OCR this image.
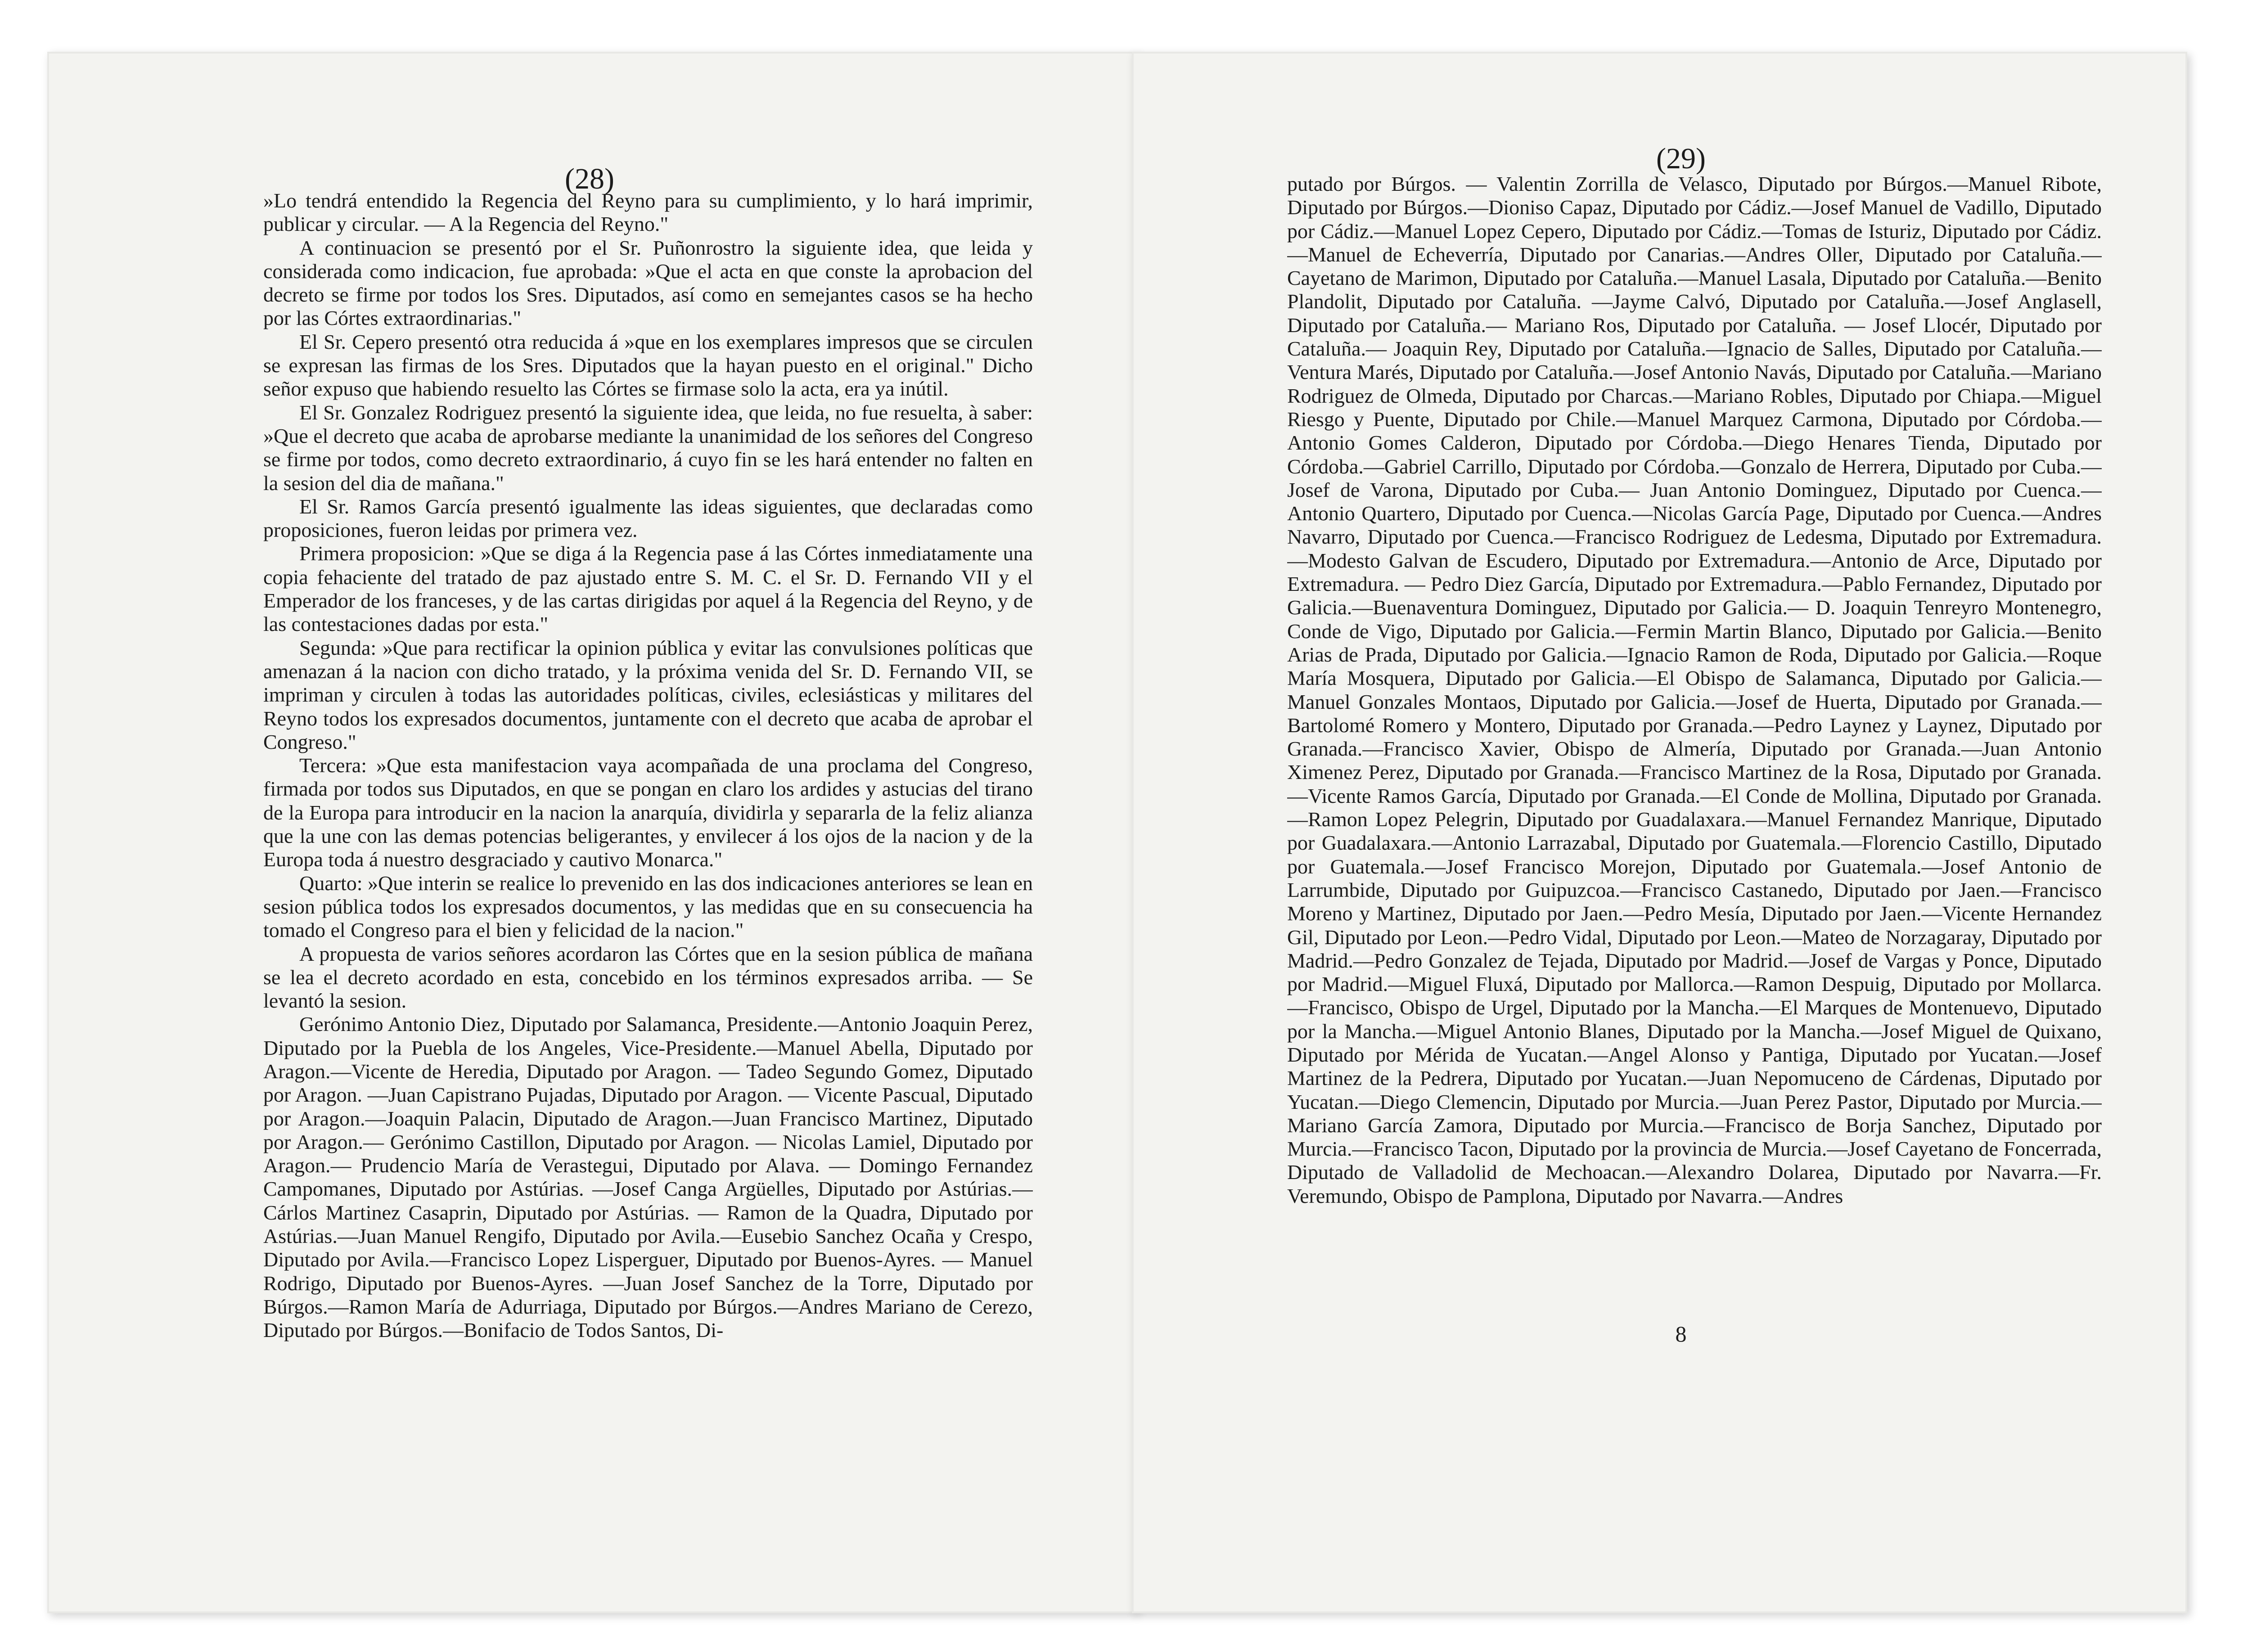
(28)

»Lo tendrá entendido la Regencia del Reyno para su cumplimiento, y lo hará imprimir, publicar y circular. — A la Regencia del Reyno."

A continuacion se presentó por el Sr. Puñonrostro la siguiente idea, que leida y considerada como indicacion, fue aprobada: »Que el acta en que conste la aprobacion del decreto se firme por todos los Sres. Diputados, así como en semejantes casos se ha hecho por las Córtes extraordinarias."

El Sr. Cepero presentó otra reducida á »que en los exemplares impresos que se circulen se expresan las firmas de los Sres. Diputados que la hayan puesto en el original." Dicho señor expuso que habiendo resuelto las Córtes se firmase solo la acta, era ya inútil.

El Sr. Gonzalez Rodriguez presentó la siguiente idea, que leida, no fue resuelta, à saber: »Que el decreto que acaba de aprobarse mediante la unanimidad de los señores del Congreso se firme por todos, como decreto extraordinario, á cuyo fin se les hará entender no falten en la sesion del dia de mañana."

El Sr. Ramos García presentó igualmente las ideas siguientes, que declaradas como proposiciones, fueron leidas por primera vez.

Primera proposicion: »Que se diga á la Regencia pase á las Córtes inmediatamente una copia fehaciente del tratado de paz ajustado entre S. M. C. el Sr. D. Fernando VII y el Emperador de los franceses, y de las cartas dirigidas por aquel á la Regencia del Reyno, y de las contestaciones dadas por esta."

Segunda: »Que para rectificar la opinion pública y evitar las convulsiones políticas que amenazan á la nacion con dicho tratado, y la próxima venida del Sr. D. Fernando VII, se impriman y circulen à todas las autoridades políticas, civiles, eclesiásticas y militares del Reyno todos los expresados documentos, juntamente con el decreto que acaba de aprobar el Congreso."

Tercera: »Que esta manifestacion vaya acompañada de una proclama del Congreso, firmada por todos sus Diputados, en que se pongan en claro los ardides y astucias del tirano de la Europa para introducir en la nacion la anarquía, dividirla y separarla de la feliz alianza que la une con las demas potencias beligerantes, y envilecer á los ojos de la nacion y de la Europa toda á nuestro desgraciado y cautivo Monarca."

Quarto: »Que interin se realice lo prevenido en las dos indicaciones anteriores se lean en sesion pública todos los expresados documentos, y las medidas que en su consecuencia ha tomado el Congreso para el bien y felicidad de la nacion."

A propuesta de varios señores acordaron las Córtes que en la sesion pública de mañana se lea el decreto acordado en esta, concebido en los términos expresados arriba. — Se levantó la sesion.

Gerónimo Antonio Diez, Diputado por Salamanca, Presidente.—Antonio Joaquin Perez, Diputado por la Puebla de los Angeles, Vice-Presidente.—Manuel Abella, Diputado por Aragon.—Vicente de Heredia, Diputado por Aragon. — Tadeo Segundo Gomez, Diputado por Aragon. —Juan Capistrano Pujadas, Diputado por Aragon. — Vicente Pascual, Diputado por Aragon.—Joaquin Palacin, Diputado de Aragon.—Juan Francisco Martinez, Diputado por Aragon.— Gerónimo Castillon, Diputado por Aragon. — Nicolas Lamiel, Diputado por Aragon.— Prudencio María de Verastegui, Diputado por Alava. — Domingo Fernandez Campomanes, Diputado por Astúrias. —Josef Canga Argüelles, Diputado por Astúrias.—Cárlos Martinez Casaprin, Diputado por Astúrias. — Ramon de la Quadra, Diputado por Astúrias.—Juan Manuel Rengifo, Diputado por Avila.—Eusebio Sanchez Ocaña y Crespo, Diputado por Avila.—Francisco Lopez Lisperguer, Diputado por Buenos-Ayres. — Manuel Rodrigo, Diputado por Buenos-Ayres. —Juan Josef Sanchez de la Torre, Diputado por Búrgos.—Ramon María de Adurriaga, Diputado por Búrgos.—Andres Mariano de Cerezo, Diputado por Búrgos.—Bonifacio de Todos Santos, Di-

(29)

putado por Búrgos. — Valentin Zorrilla de Velasco, Diputado por Búrgos.—Manuel Ribote, Diputado por Búrgos.—Dioniso Capaz, Diputado por Cádiz.—Josef Manuel de Vadillo, Diputado por Cádiz.—Manuel Lopez Cepero, Diputado por Cádiz.—Tomas de Isturiz, Diputado por Cádiz.—Manuel de Echeverría, Diputado por Canarias.—Andres Oller, Diputado por Cataluña.—Cayetano de Marimon, Diputado por Cataluña.—Manuel Lasala, Diputado por Cataluña.—Benito Plandolit, Diputado por Cataluña. —Jayme Calvó, Diputado por Cataluña.—Josef Anglasell, Diputado por Cataluña.— Mariano Ros, Diputado por Cataluña. — Josef Llocér, Diputado por Cataluña.— Joaquin Rey, Diputado por Cataluña.—Ignacio de Salles, Diputado por Cataluña.—Ventura Marés, Diputado por Cataluña.—Josef Antonio Navás, Diputado por Cataluña.—Mariano Rodriguez de Olmeda, Diputado por Charcas.—Mariano Robles, Diputado por Chiapa.—Miguel Riesgo y Puente, Diputado por Chile.—Manuel Marquez Carmona, Diputado por Córdoba.—Antonio Gomes Calderon, Diputado por Córdoba.—Diego Henares Tienda, Diputado por Córdoba.—Gabriel Carrillo, Diputado por Córdoba.—Gonzalo de Herrera, Diputado por Cuba.— Josef de Varona, Diputado por Cuba.— Juan Antonio Dominguez, Diputado por Cuenca.—Antonio Quartero, Diputado por Cuenca.—Nicolas García Page, Diputado por Cuenca.—Andres Navarro, Diputado por Cuenca.—Francisco Rodriguez de Ledesma, Diputado por Extremadura.—Modesto Galvan de Escudero, Diputado por Extremadura.—Antonio de Arce, Diputado por Extremadura. — Pedro Diez García, Diputado por Extremadura.—Pablo Fernandez, Diputado por Galicia.—Buenaventura Dominguez, Diputado por Galicia.— D. Joaquin Tenreyro Montenegro, Conde de Vigo, Diputado por Galicia.—Fermin Martin Blanco, Diputado por Galicia.—Benito Arias de Prada, Diputado por Galicia.—Ignacio Ramon de Roda, Diputado por Galicia.—Roque María Mosquera, Diputado por Galicia.—El Obispo de Salamanca, Diputado por Galicia.—Manuel Gonzales Montaos, Diputado por Galicia.—Josef de Huerta, Diputado por Granada.—Bartolomé Romero y Montero, Diputado por Granada.—Pedro Laynez y Laynez, Diputado por Granada.—Francisco Xavier, Obispo de Almería, Diputado por Granada.—Juan Antonio Ximenez Perez, Diputado por Granada.—Francisco Martinez de la Rosa, Diputado por Granada.—Vicente Ramos García, Diputado por Granada.—El Conde de Mollina, Diputado por Granada.—Ramon Lopez Pelegrin, Diputado por Guadalaxara.—Manuel Fernandez Manrique, Diputado por Guadalaxara.—Antonio Larrazabal, Diputado por Guatemala.—Florencio Castillo, Diputado por Guatemala.—Josef Francisco Morejon, Diputado por Guatemala.—Josef Antonio de Larrumbide, Diputado por Guipuzcoa.—Francisco Castanedo, Diputado por Jaen.—Francisco Moreno y Martinez, Diputado por Jaen.—Pedro Mesía, Diputado por Jaen.—Vicente Hernandez Gil, Diputado por Leon.—Pedro Vidal, Diputado por Leon.—Mateo de Norzagaray, Diputado por Madrid.—Pedro Gonzalez de Tejada, Diputado por Madrid.—Josef de Vargas y Ponce, Diputado por Madrid.—Miguel Fluxá, Diputado por Mallorca.—Ramon Despuig, Diputado por Mollarca.—Francisco, Obispo de Urgel, Diputado por la Mancha.—El Marques de Montenuevo, Diputado por la Mancha.—Miguel Antonio Blanes, Diputado por la Mancha.—Josef Miguel de Quixano, Diputado por Mérida de Yucatan.—Angel Alonso y Pantiga, Diputado por Yucatan.—Josef Martinez de la Pedrera, Diputado por Yucatan.—Juan Nepomuceno de Cárdenas, Diputado por Yucatan.—Diego Clemencin, Diputado por Murcia.—Juan Perez Pastor, Diputado por Murcia.—Mariano García Zamora, Diputado por Murcia.—Francisco de Borja Sanchez, Diputado por Murcia.—Francisco Tacon, Diputado por la provincia de Murcia.—Josef Cayetano de Foncerrada, Diputado de Valladolid de Mechoacan.—Alexandro Dolarea, Diputado por Navarra.—Fr. Veremundo, Obispo de Pamplona, Diputado por Navarra.—Andres

8
